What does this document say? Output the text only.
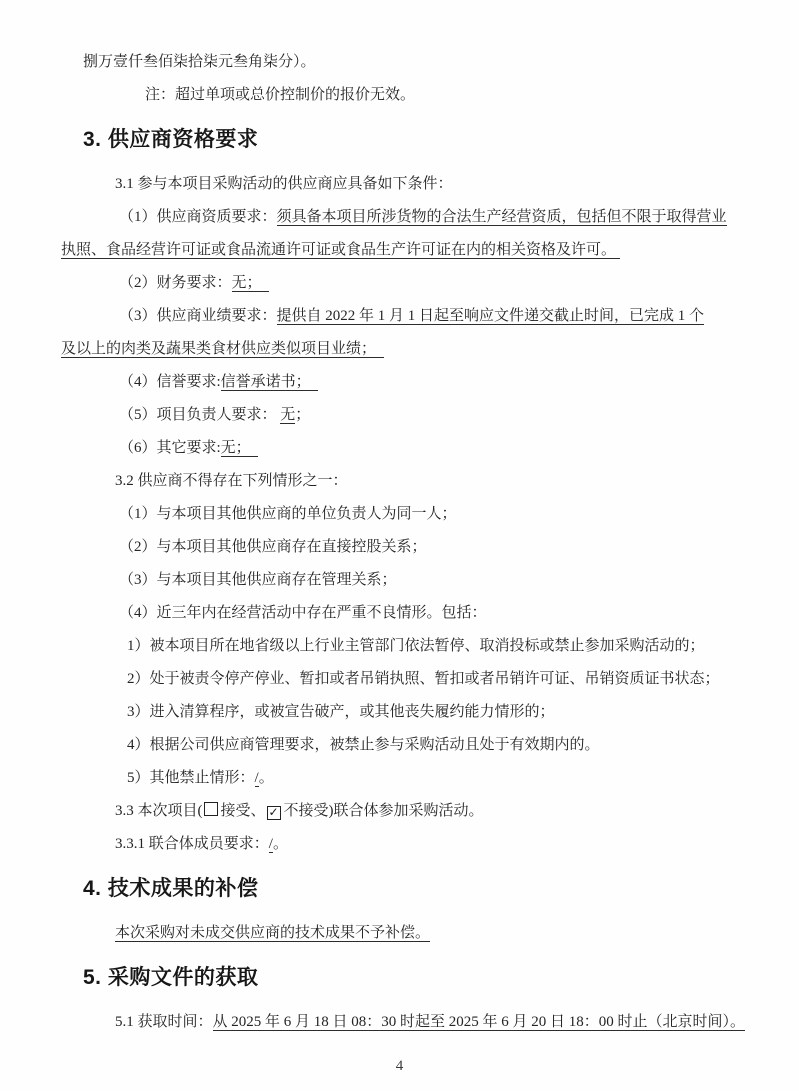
捌万壹仟叁佰柒拾柒元叁角柒分）。
注：超过单项或总价控制价的报价无效。
3. 供应商资格要求
3.1 参与本项目采购活动的供应商应具备如下条件：
（1）供应商资质要求：须具备本项目所涉货物的合法生产经营资质，包括但不限于取得营业
执照、食品经营许可证或食品流通许可证或食品生产许可证在内的相关资格及许可。
（2）财务要求：无；
（3）供应商业绩要求：提供自 2022 年 1 月 1 日起至响应文件递交截止时间，已完成 1 个
及以上的肉类及蔬果类食材供应类似项目业绩；
（4）信誉要求:信誉承诺书；
（5）项目负责人要求： 无；
（6）其它要求:无；
3.2 供应商不得存在下列情形之一：
（1）与本项目其他供应商的单位负责人为同一人；
（2）与本项目其他供应商存在直接控股关系；
（3）与本项目其他供应商存在管理关系；
（4）近三年内在经营活动中存在严重不良情形。包括：
1）被本项目所在地省级以上行业主管部门依法暂停、取消投标或禁止参加采购活动的；
2）处于被责令停产停业、暂扣或者吊销执照、暂扣或者吊销许可证、吊销资质证书状态；
3）进入清算程序，或被宣告破产，或其他丧失履约能力情形的；
4）根据公司供应商管理要求，被禁止参与采购活动且处于有效期内的。
5）其他禁止情形：/。
3.3 本次项目( 接受、 ✓ 不接受)联合体参加采购活动。
3.3.1 联合体成员要求：/。
4. 技术成果的补偿
本次采购对未成交供应商的技术成果不予补偿。
5. 采购文件的获取
5.1 获取时间：从 2025 年 6 月 18 日 08：30 时起至 2025 年 6 月 20 日 18：00 时止（北京时间）。
4
